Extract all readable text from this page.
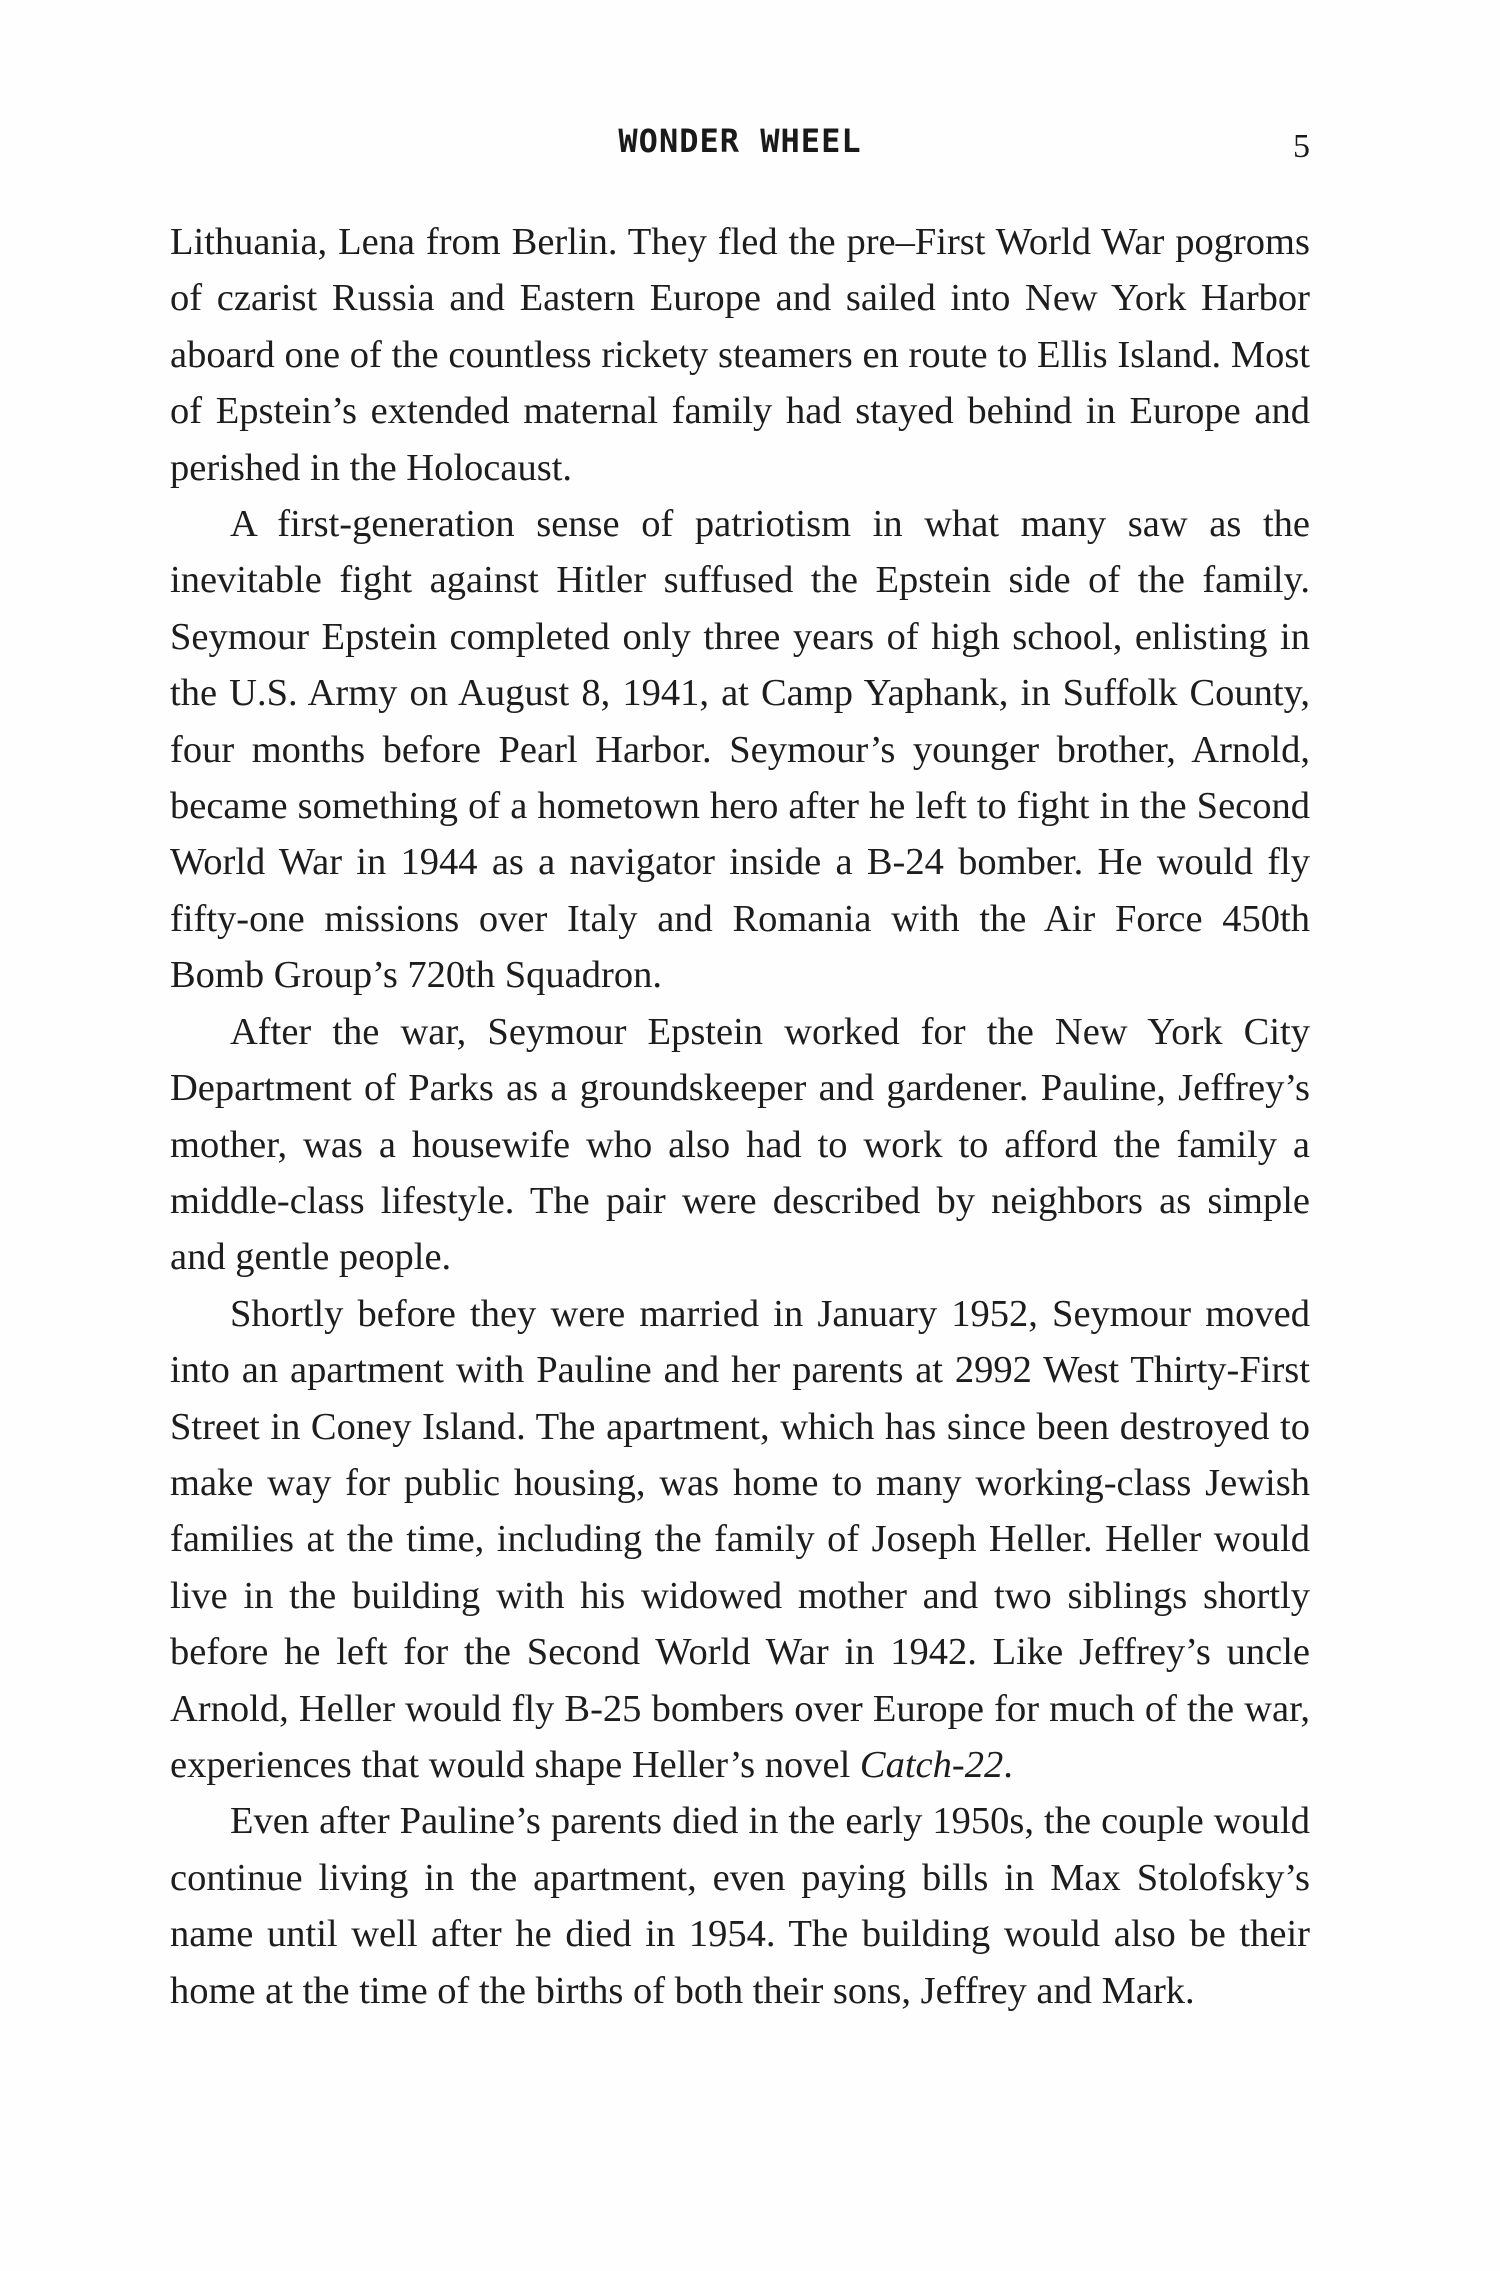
WONDER WHEEL	5

Lithuania, Lena from Berlin. They fled the pre–First World War pogroms of czarist Russia and Eastern Europe and sailed into New York Harbor aboard one of the countless rickety steamers en route to Ellis Island. Most of Epstein’s extended maternal family had stayed behind in Europe and perished in the Holocaust.

A first-generation sense of patriotism in what many saw as the inevitable fight against Hitler suffused the Epstein side of the family. Seymour Epstein completed only three years of high school, enlisting in the U.S. Army on August 8, 1941, at Camp Yaphank, in Suffolk County, four months before Pearl Harbor. Seymour’s younger brother, Arnold, became something of a hometown hero after he left to fight in the Second World War in 1944 as a navigator inside a B-24 bomber. He would fly fifty-one missions over Italy and Romania with the Air Force 450th Bomb Group’s 720th Squadron.

After the war, Seymour Epstein worked for the New York City Department of Parks as a groundskeeper and gardener. Pauline, Jeffrey’s mother, was a housewife who also had to work to afford the family a middle-class lifestyle. The pair were described by neighbors as simple and gentle people.

Shortly before they were married in January 1952, Seymour moved into an apartment with Pauline and her parents at 2992 West Thirty-First Street in Coney Island. The apartment, which has since been destroyed to make way for public housing, was home to many working-class Jewish families at the time, including the family of Joseph Heller. Heller would live in the building with his widowed mother and two siblings shortly before he left for the Second World War in 1942. Like Jeffrey’s uncle Arnold, Heller would fly B-25 bombers over Europe for much of the war, experiences that would shape Heller’s novel Catch-22.

Even after Pauline’s parents died in the early 1950s, the couple would continue living in the apartment, even paying bills in Max Stolofsky’s name until well after he died in 1954. The building would also be their home at the time of the births of both their sons, Jeffrey and Mark.
